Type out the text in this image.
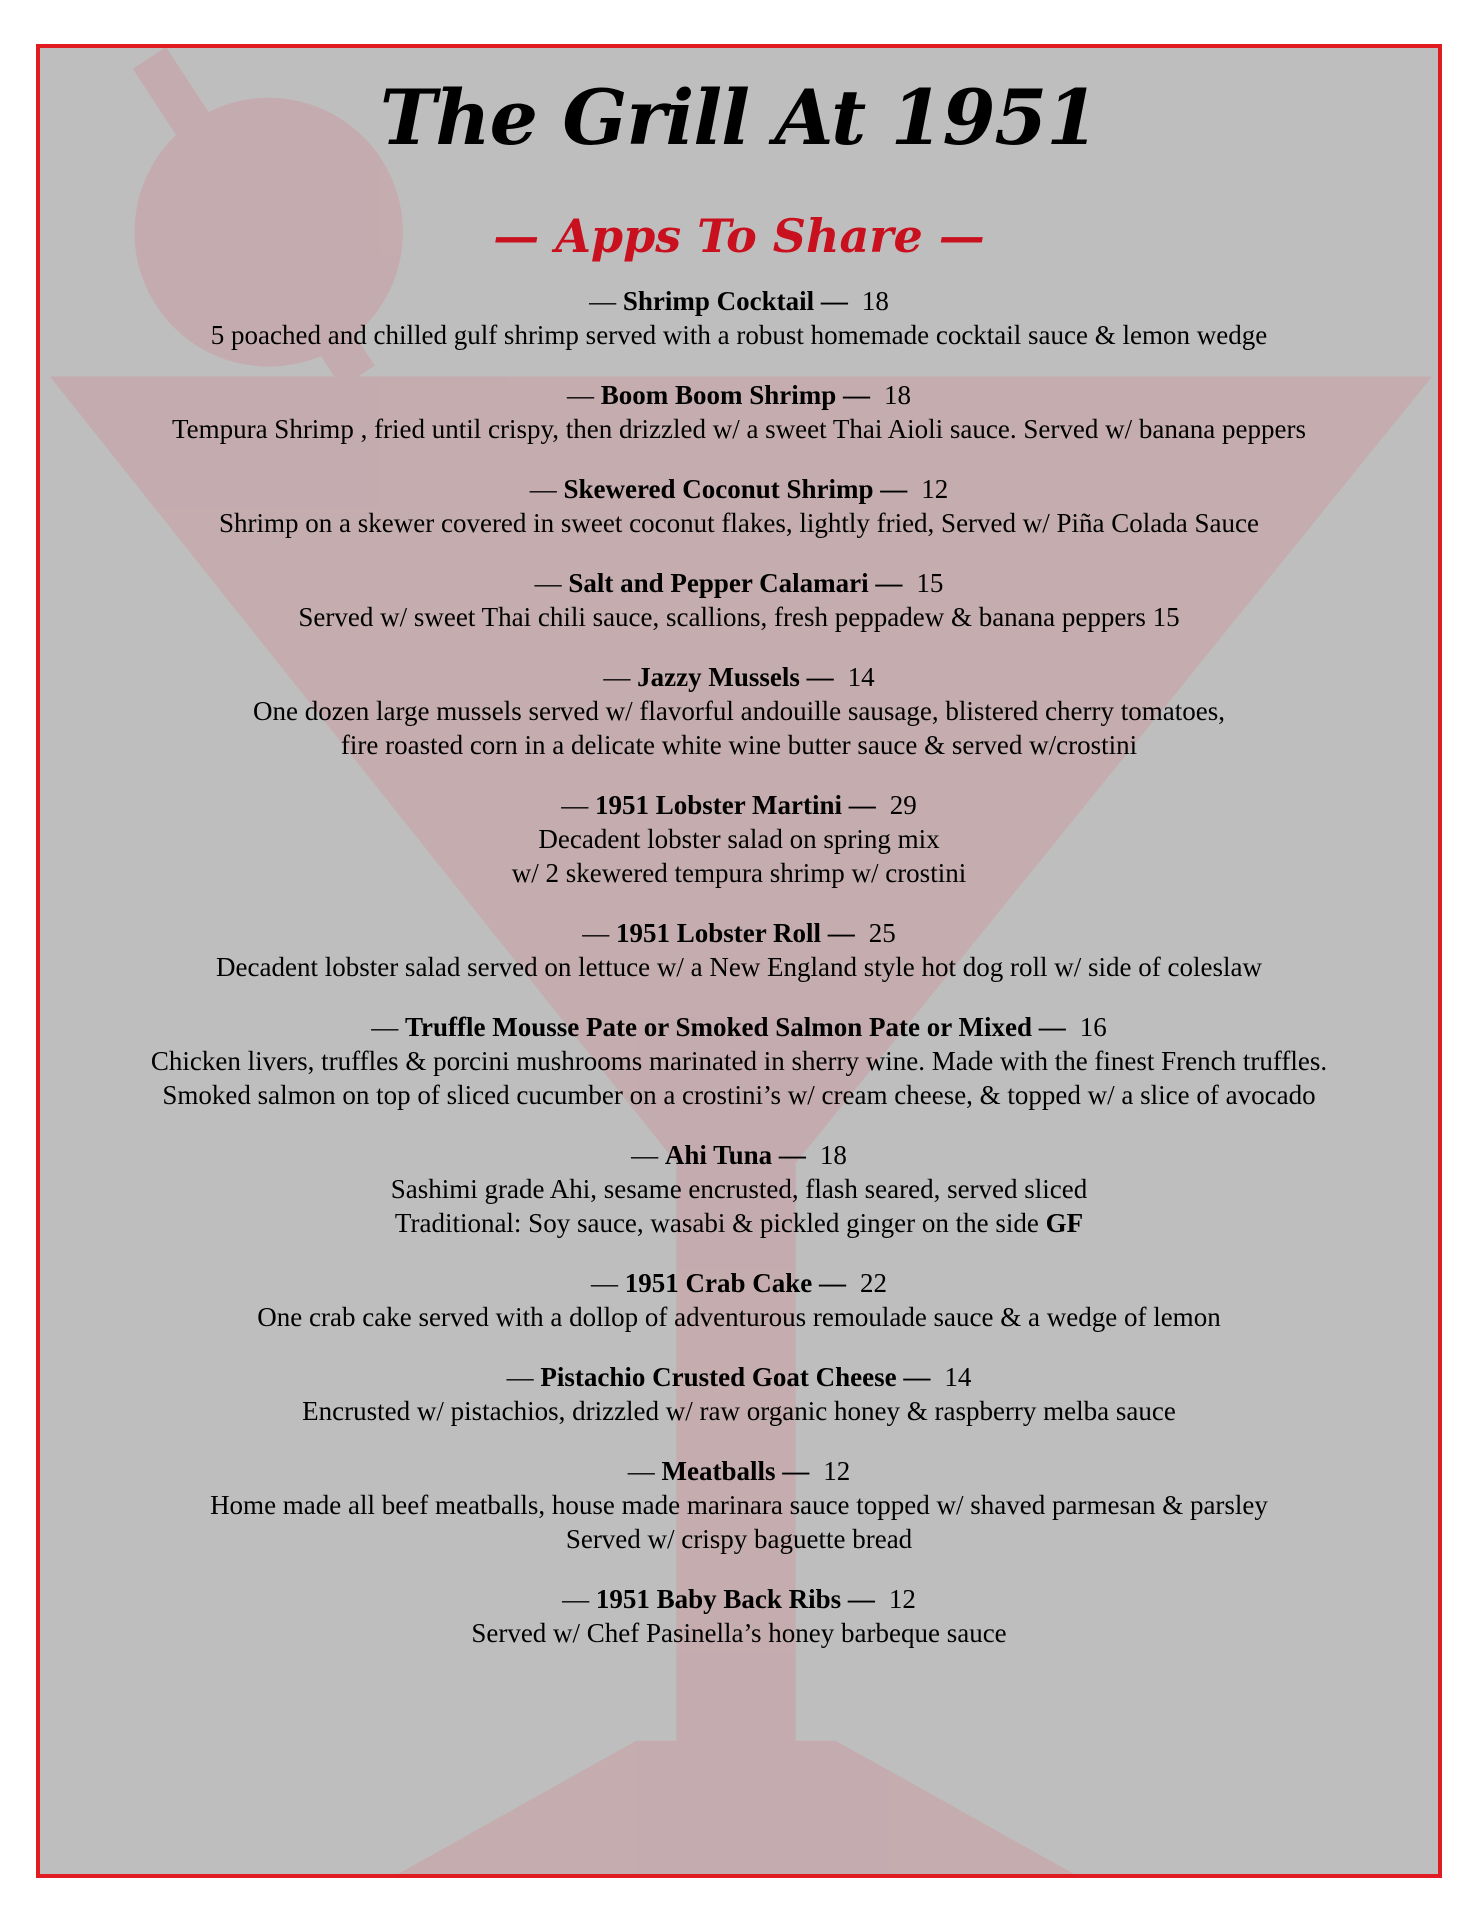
The Grill At 1951
— Apps To Share —
— Shrimp Cocktail — 18
5 poached and chilled gulf shrimp served with a robust homemade cocktail sauce & lemon wedge
— Boom Boom Shrimp — 18
Tempura Shrimp , fried until crispy, then drizzled w/ a sweet Thai Aioli sauce. Served w/ banana peppers
— Skewered Coconut Shrimp — 12
Shrimp on a skewer covered in sweet coconut flakes, lightly fried, Served w/ Piña Colada Sauce
— Salt and Pepper Calamari — 15
Served w/ sweet Thai chili sauce, scallions, fresh peppadew & banana peppers 15
— Jazzy Mussels — 14
One dozen large mussels served w/ flavorful andouille sausage, blistered cherry tomatoes,
fire roasted corn in a delicate white wine butter sauce & served w/crostini
— 1951 Lobster Martini — 29
Decadent lobster salad on spring mix
w/ 2 skewered tempura shrimp w/ crostini
— 1951 Lobster Roll — 25
Decadent lobster salad served on lettuce w/ a New England style hot dog roll w/ side of coleslaw
— Truffle Mousse Pate or Smoked Salmon Pate or Mixed — 16
Chicken livers, truffles & porcini mushrooms marinated in sherry wine. Made with the finest French truffles.
Smoked salmon on top of sliced cucumber on a crostini’s w/ cream cheese, & topped w/ a slice of avocado
— Ahi Tuna — 18
Sashimi grade Ahi, sesame encrusted, flash seared, served sliced
Traditional: Soy sauce, wasabi & pickled ginger on the side GF
— 1951 Crab Cake — 22
One crab cake served with a dollop of adventurous remoulade sauce & a wedge of lemon
— Pistachio Crusted Goat Cheese — 14
Encrusted w/ pistachios, drizzled w/ raw organic honey & raspberry melba sauce
— Meatballs — 12
Home made all beef meatballs, house made marinara sauce topped w/ shaved parmesan & parsley
Served w/ crispy baguette bread
— 1951 Baby Back Ribs — 12
Served w/ Chef Pasinella’s honey barbeque sauce
